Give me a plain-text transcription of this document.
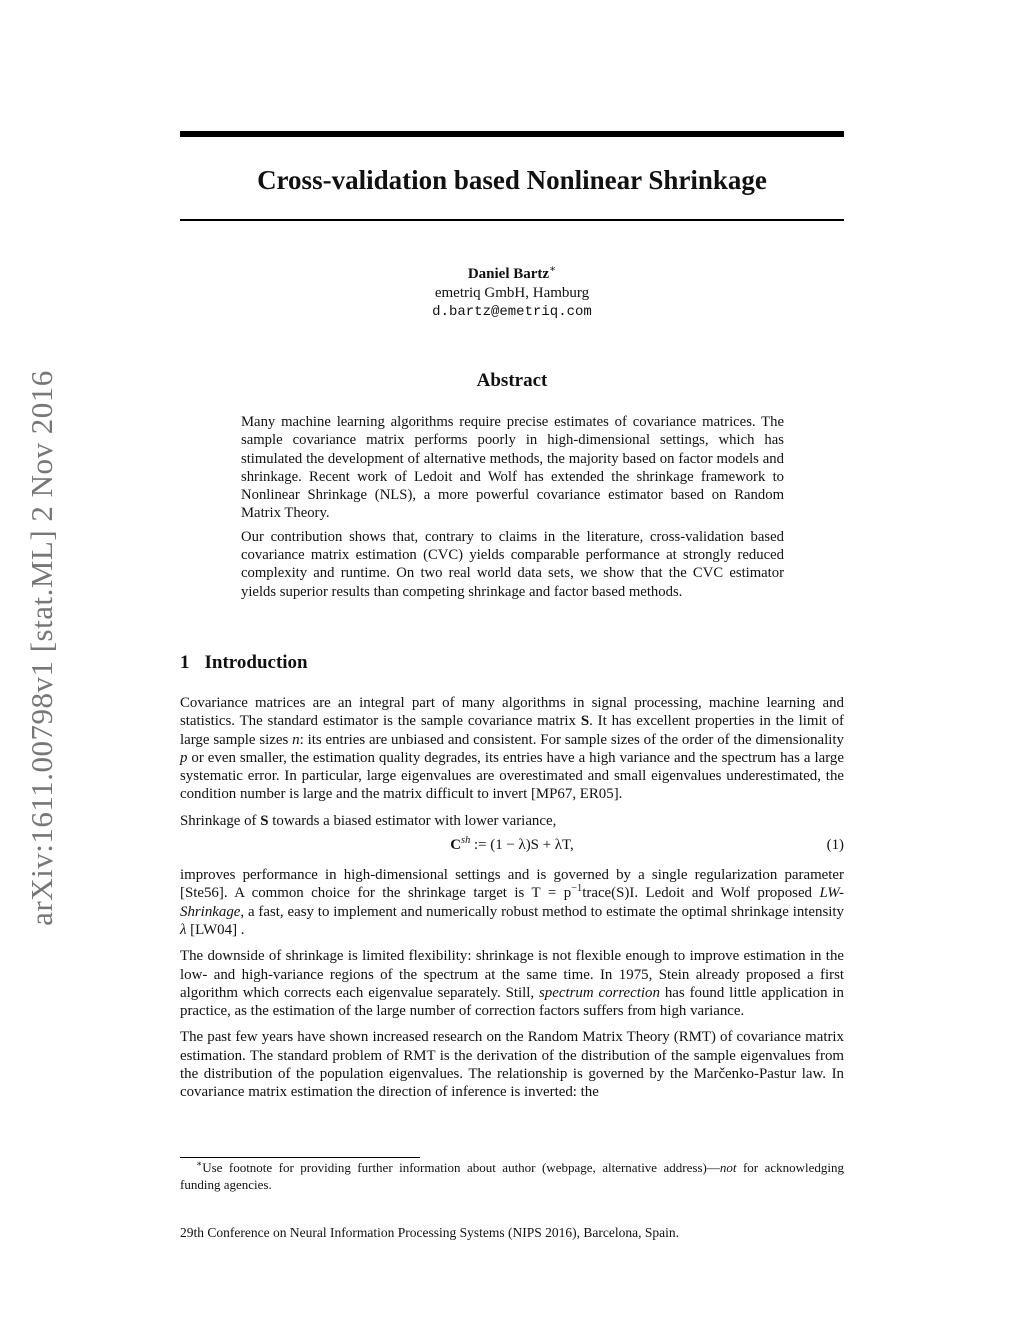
arXiv:1611.00798v1 [stat.ML] 2 Nov 2016
Cross-validation based Nonlinear Shrinkage
Daniel Bartz∗
emetriq GmbH, Hamburg
d.bartz@emetriq.com
Abstract

Many machine learning algorithms require precise estimates of covariance matrices. The sample covariance matrix performs poorly in high-dimensional settings, which has stimulated the development of alternative methods, the majority based on factor models and shrinkage. Recent work of Ledoit and Wolf has extended the shrinkage framework to Nonlinear Shrinkage (NLS), a more powerful covariance estimator based on Random Matrix Theory.

Our contribution shows that, contrary to claims in the literature, cross-validation based covariance matrix estimation (CVC) yields comparable performance at strongly reduced complexity and runtime. On two real world data sets, we show that the CVC estimator yields superior results than competing shrinkage and factor based methods.

1 Introduction

Covariance matrices are an integral part of many algorithms in signal processing, machine learning and statistics. The standard estimator is the sample covariance matrix S. It has excellent properties in the limit of large sample sizes n: its entries are unbiased and consistent. For sample sizes of the order of the dimensionality p or even smaller, the estimation quality degrades, its entries have a high variance and the spectrum has a large systematic error. In particular, large eigenvalues are overestimated and small eigenvalues underestimated, the condition number is large and the matrix difficult to invert [MP67, ER05].

Shrinkage of S towards a biased estimator with lower variance,

$C^{sh}$ := (1 − λ)S + λT,	(1)

improves performance in high-dimensional settings and is governed by a single regularization parameter [Ste56]. A common choice for the shrinkage target is $T = p^{-1}trace(S)I$. Ledoit and Wolf proposed LW-Shrinkage, a fast, easy to implement and numerically robust method to estimate the optimal shrinkage intensity λ [LW04] .

The downside of shrinkage is limited flexibility: shrinkage is not flexible enough to improve estimation in the low- and high-variance regions of the spectrum at the same time. In 1975, Stein already proposed a first algorithm which corrects each eigenvalue separately. Still, spectrum correction has found little application in practice, as the estimation of the large number of correction factors suffers from high variance.

The past few years have shown increased research on the Random Matrix Theory (RMT) of covariance matrix estimation. The standard problem of RMT is the derivation of the distribution of the sample eigenvalues from the distribution of the population eigenvalues. The relationship is governed by the Marčenko-Pastur law. In covariance matrix estimation the direction of inference is inverted: the

∗Use footnote for providing further information about author (webpage, alternative address)—not for acknowledging funding agencies.
29th Conference on Neural Information Processing Systems (NIPS 2016), Barcelona, Spain.
